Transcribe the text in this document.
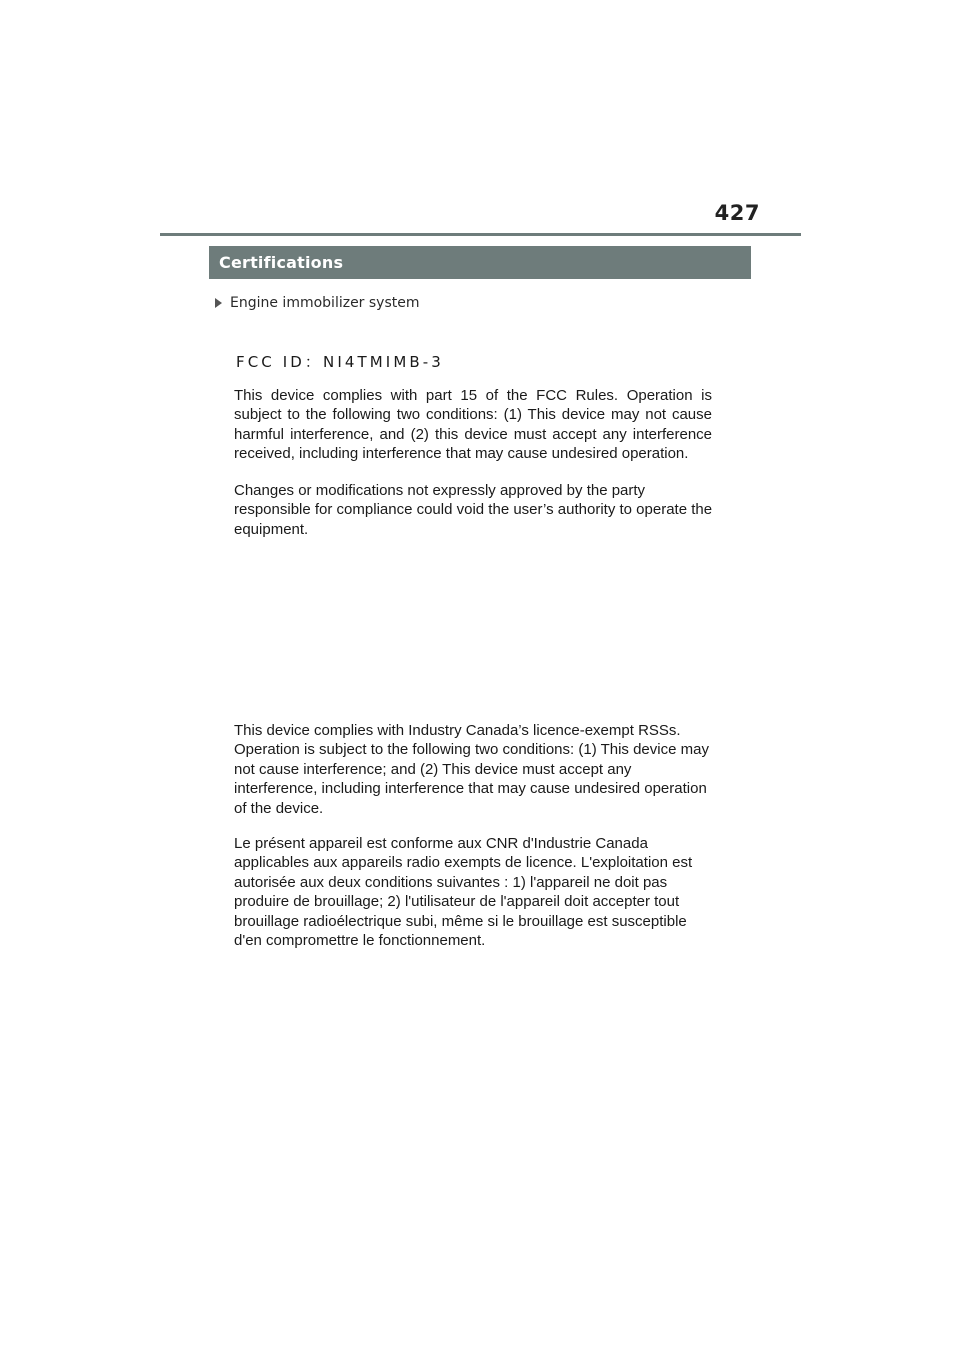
427
Certifications
Engine immobilizer system
FCC ID：NI4TMIMB-3

This device complies with part 15 of the FCC Rules. Operation is subject to the following two conditions: (1) This device may not cause harmful interference, and (2) this device must accept any interference received, including interference that may cause undesired operation.

Changes or modifications not expressly approved by the party responsible for compliance could void the user’s authority to operate the equipment.

This device complies with Industry Canada’s licence-exempt RSSs. Operation is subject to the following two conditions: (1) This device may not cause interference; and (2) This device must accept any interference, including interference that may cause undesired operation of the device.

Le présent appareil est conforme aux CNR d'Industrie Canada applicables aux appareils radio exempts de licence. L'exploitation est autorisée aux deux conditions suivantes : 1) l'appareil ne doit pas produire de brouillage; 2) l'utilisateur de l'appareil doit accepter tout brouillage radioélectrique subi, même si le brouillage est susceptible d'en compromettre le fonctionnement.
